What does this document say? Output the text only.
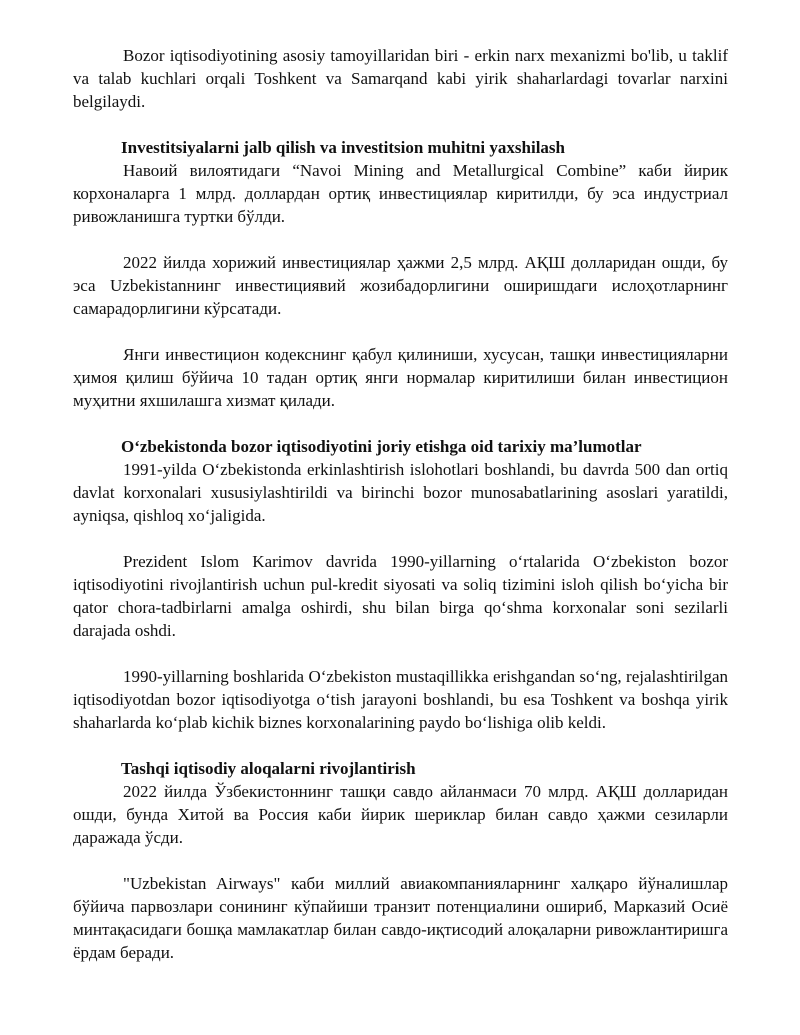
Bozor iqtisodiyotining asosiy tamoyillaridan biri - erkin narx mexanizmi bo'lib, u taklif va talab kuchlari orqali Toshkent va Samarqand kabi yirik shaharlardagi tovarlar narxini belgilaydi.

Investitsiyalarni jalb qilish va investitsion muhitni yaxshilash

Навоий вилоятидаги “Navoi Mining and Metallurgical Combine” каби йирик корхоналарга 1 млрд. доллардан ортиқ инвестициялар киритилди, бу эса индустриал ривожланишга туртки бўлди.

2022 йилда хорижий инвестициялар ҳажми 2,5 млрд. АҚШ долларидан ошди, бу эса Uzbekistanнинг инвестициявий жозибадорлигини оширишдаги ислоҳотларнинг самарадорлигини кўрсатади.

Янги инвестицион кодекснинг қабул қилиниши, хусусан, ташқи инвестицияларни ҳимоя қилиш бўйича 10 тадан ортиқ янги нормалар киритилиши билан инвестицион муҳитни яхшилашга хизмат қилади.

O‘zbekistonda bozor iqtisodiyotini joriy etishga oid tarixiy ma’lumotlar

1991-yilda O‘zbekistonda erkinlashtirish islohotlari boshlandi, bu davrda 500 dan ortiq davlat korxonalari xususiylashtirildi va birinchi bozor munosabatlarining asoslari yaratildi, ayniqsa, qishloq xo‘jaligida.

Prezident Islom Karimov davrida 1990-yillarning o‘rtalarida O‘zbekiston bozor iqtisodiyotini rivojlantirish uchun pul-kredit siyosati va soliq tizimini isloh qilish bo‘yicha bir qator chora-tadbirlarni amalga oshirdi, shu bilan birga qo‘shma korxonalar soni sezilarli darajada oshdi.

1990-yillarning boshlarida O‘zbekiston mustaqillikka erishgandan so‘ng, rejalashtirilgan iqtisodiyotdan bozor iqtisodiyotga o‘tish jarayoni boshlandi, bu esa Toshkent va boshqa yirik shaharlarda ko‘plab kichik biznes korxonalarining paydo bo‘lishiga olib keldi.

Tashqi iqtisodiy aloqalarni rivojlantirish

2022 йилда Ўзбекистоннинг ташқи савдо айланмаси 70 млрд. АҚШ долларидан ошди, бунда Хитой ва Россия каби йирик шериклар билан савдо ҳажми сезиларли даражада ўсди.

"Uzbekistan Airways" каби миллий авиакомпанияларнинг халқаро йўналишлар бўйича парвозлари сонининг кўпайиши транзит потенциалини ошириб, Марказий Осиё минтақасидаги бошқа мамлакатлар билан савдо-иқтисодий алоқаларни ривожлантиришга ёрдам беради.
